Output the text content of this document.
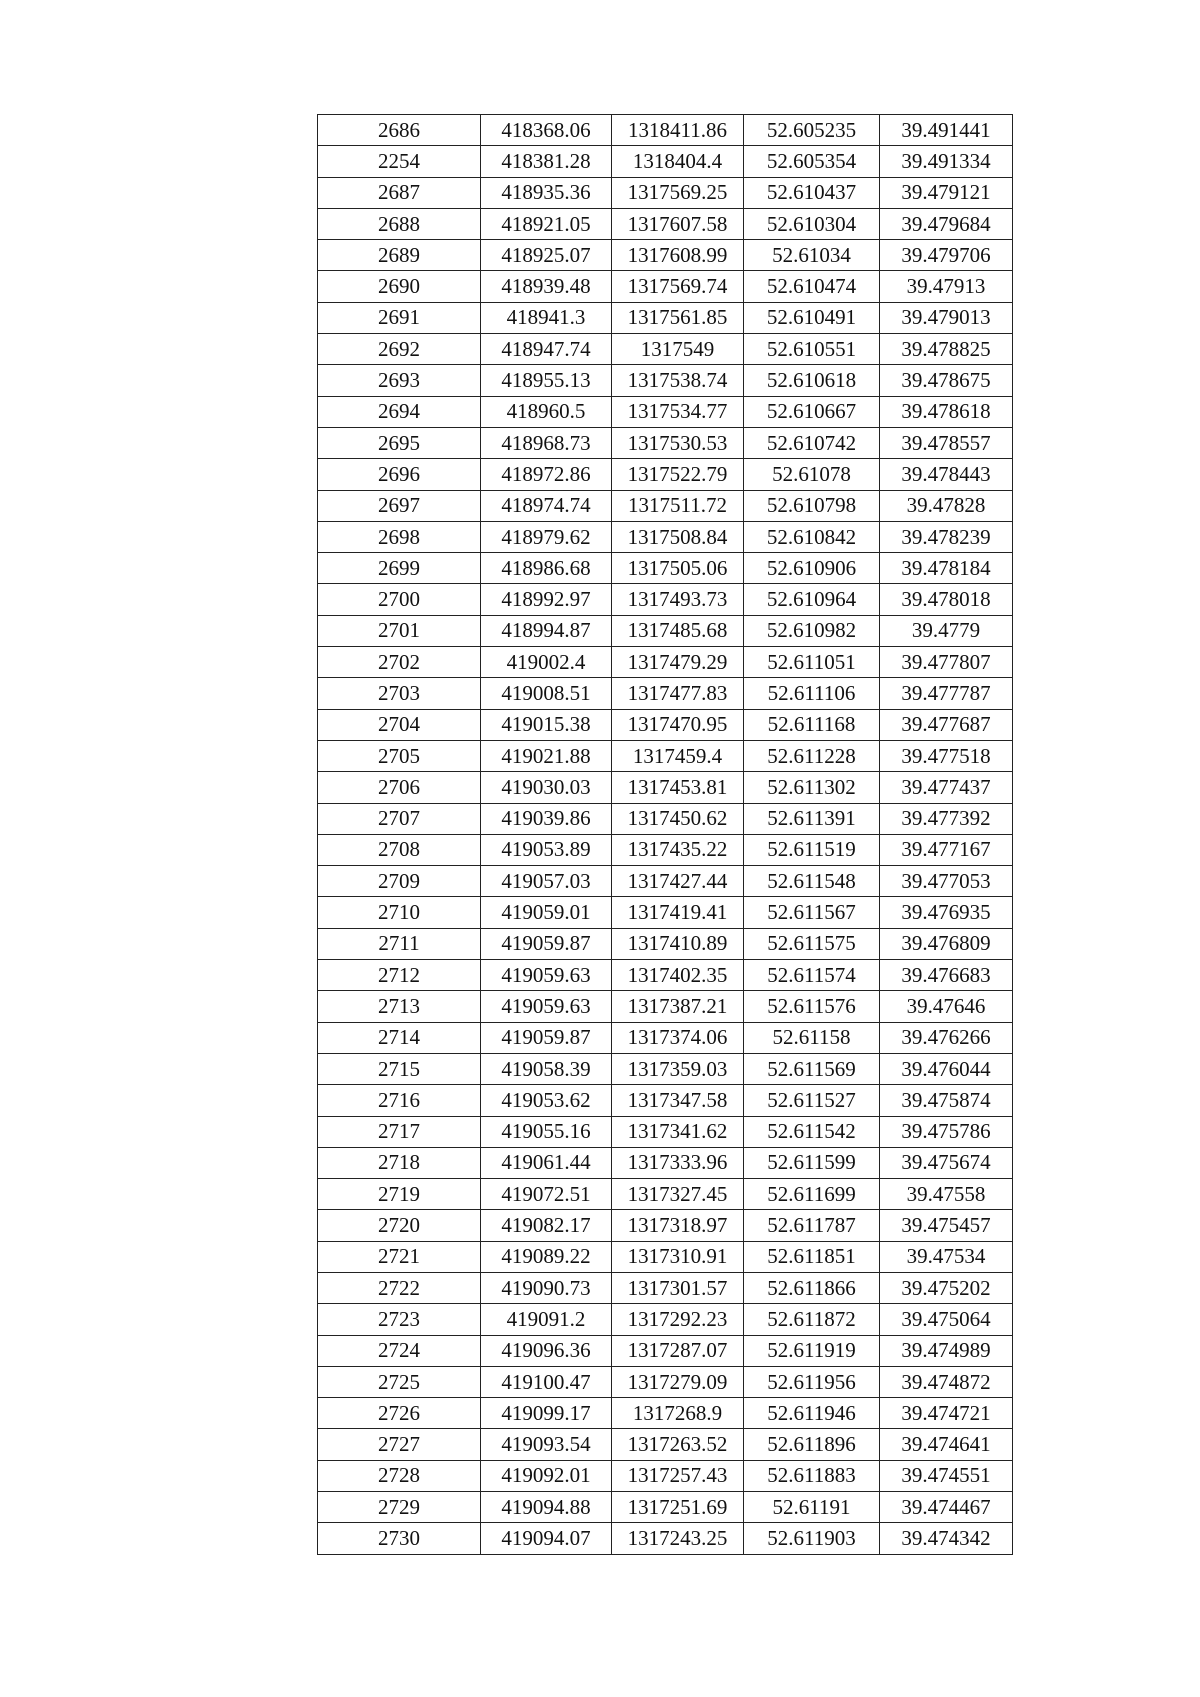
2686	418368.06	1318411.86	52.605235	39.491441
2254	418381.28	1318404.4	52.605354	39.491334
2687	418935.36	1317569.25	52.610437	39.479121
2688	418921.05	1317607.58	52.610304	39.479684
2689	418925.07	1317608.99	52.61034	39.479706
2690	418939.48	1317569.74	52.610474	39.47913
2691	418941.3	1317561.85	52.610491	39.479013
2692	418947.74	1317549	52.610551	39.478825
2693	418955.13	1317538.74	52.610618	39.478675
2694	418960.5	1317534.77	52.610667	39.478618
2695	418968.73	1317530.53	52.610742	39.478557
2696	418972.86	1317522.79	52.61078	39.478443
2697	418974.74	1317511.72	52.610798	39.47828
2698	418979.62	1317508.84	52.610842	39.478239
2699	418986.68	1317505.06	52.610906	39.478184
2700	418992.97	1317493.73	52.610964	39.478018
2701	418994.87	1317485.68	52.610982	39.4779
2702	419002.4	1317479.29	52.611051	39.477807
2703	419008.51	1317477.83	52.611106	39.477787
2704	419015.38	1317470.95	52.611168	39.477687
2705	419021.88	1317459.4	52.611228	39.477518
2706	419030.03	1317453.81	52.611302	39.477437
2707	419039.86	1317450.62	52.611391	39.477392
2708	419053.89	1317435.22	52.611519	39.477167
2709	419057.03	1317427.44	52.611548	39.477053
2710	419059.01	1317419.41	52.611567	39.476935
2711	419059.87	1317410.89	52.611575	39.476809
2712	419059.63	1317402.35	52.611574	39.476683
2713	419059.63	1317387.21	52.611576	39.47646
2714	419059.87	1317374.06	52.61158	39.476266
2715	419058.39	1317359.03	52.611569	39.476044
2716	419053.62	1317347.58	52.611527	39.475874
2717	419055.16	1317341.62	52.611542	39.475786
2718	419061.44	1317333.96	52.611599	39.475674
2719	419072.51	1317327.45	52.611699	39.47558
2720	419082.17	1317318.97	52.611787	39.475457
2721	419089.22	1317310.91	52.611851	39.47534
2722	419090.73	1317301.57	52.611866	39.475202
2723	419091.2	1317292.23	52.611872	39.475064
2724	419096.36	1317287.07	52.611919	39.474989
2725	419100.47	1317279.09	52.611956	39.474872
2726	419099.17	1317268.9	52.611946	39.474721
2727	419093.54	1317263.52	52.611896	39.474641
2728	419092.01	1317257.43	52.611883	39.474551
2729	419094.88	1317251.69	52.61191	39.474467
2730	419094.07	1317243.25	52.611903	39.474342
